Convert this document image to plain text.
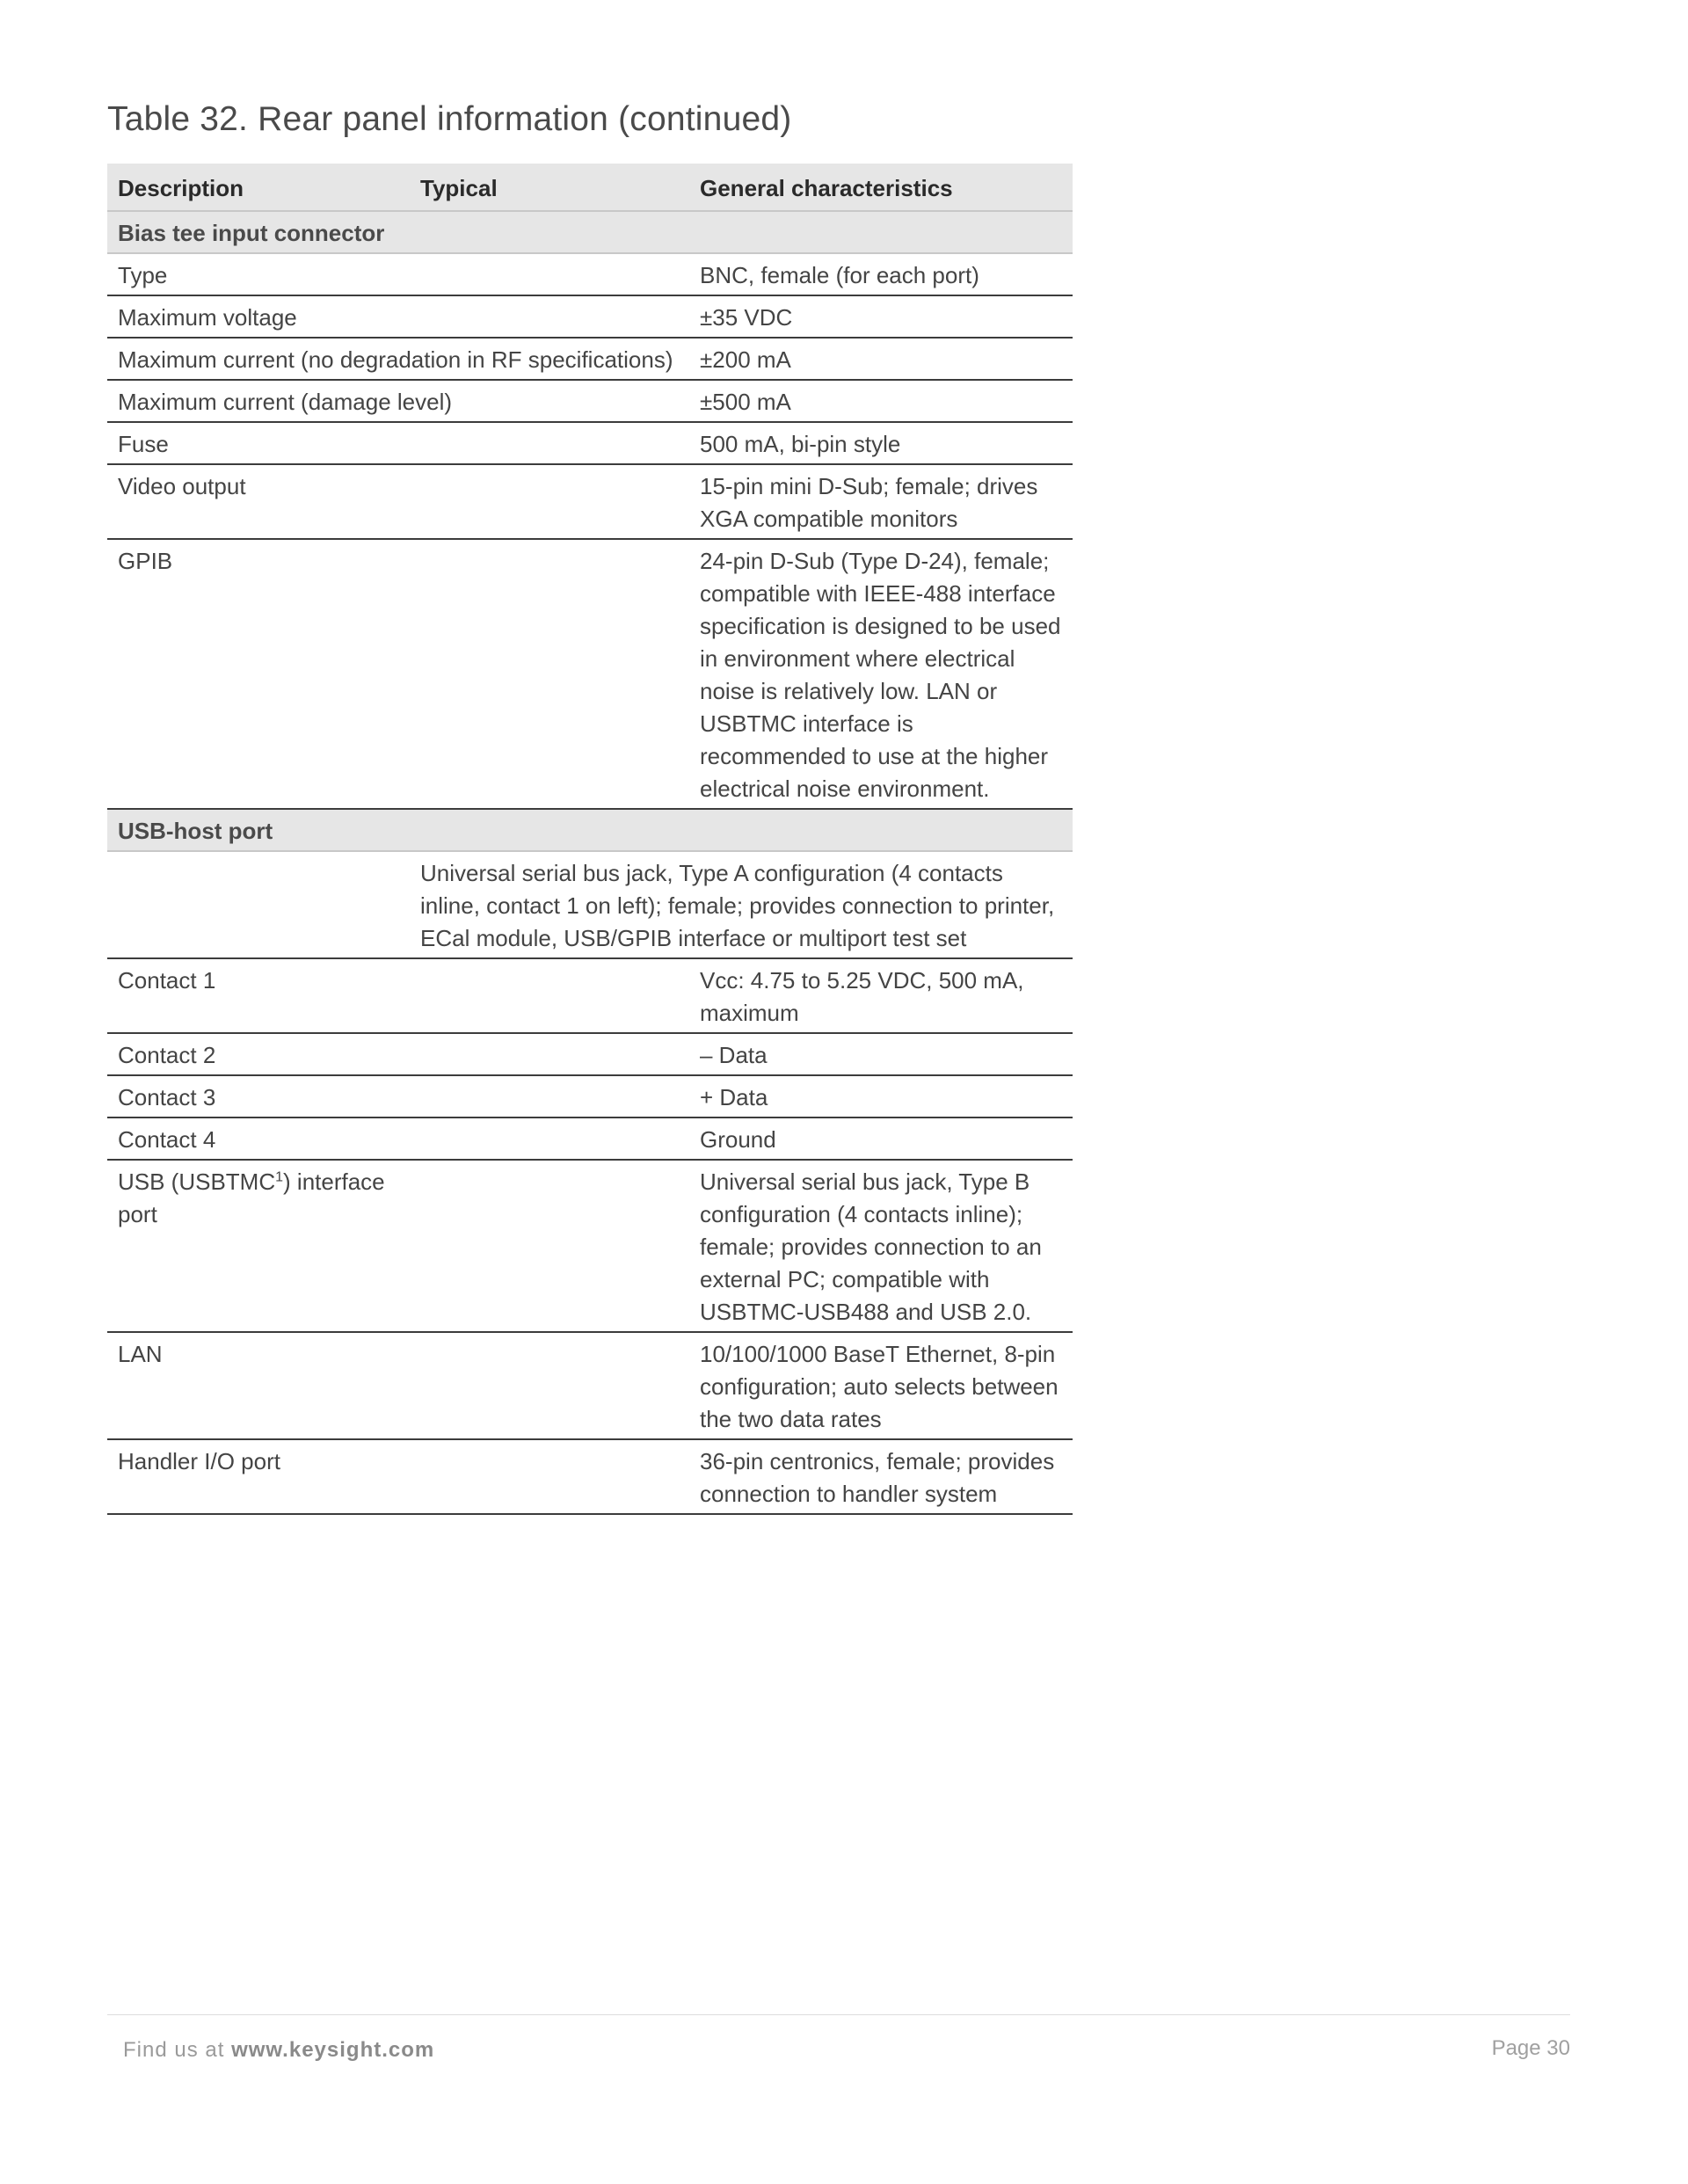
Table 32. Rear panel information (continued)
Description	Typical	General characteristics
Bias tee input connector		
Type		BNC, female (for each port)
Maximum voltage		±35 VDC
Maximum current (no degradation in RF specifications)		±200 mA
Maximum current (damage level)		±500 mA
Fuse		500 mA, bi-pin style
Video output		15-pin mini D-Sub; female; drives XGA compatible monitors
GPIB		24-pin D-Sub (Type D-24), female; compatible with IEEE-488 interface specification is designed to be used in environment where electrical noise is relatively low. LAN or USBTMC interface is recommended to use at the higher electrical noise environment.
USB-host port		
	Universal serial bus jack, Type A configuration (4 contacts inline, contact 1 on left); female; provides connection to printer, ECal module, USB/GPIB interface or multiport test set	
Contact 1		Vcc: 4.75 to 5.25 VDC, 500 mA, maximum
Contact 2		– Data
Contact 3		+ Data
Contact 4		Ground
USB (USBTMC$^1$) interface port		Universal serial bus jack, Type B configuration (4 contacts inline); female; provides connection to an external PC; compatible with USBTMC-USB488 and USB 2.0.
LAN		10/100/1000 BaseT Ethernet, 8-pin configuration; auto selects between the two data rates
Handler I/O port		36-pin centronics, female; provides connection to handler system
Find us at www.keysight.com	Page 30
